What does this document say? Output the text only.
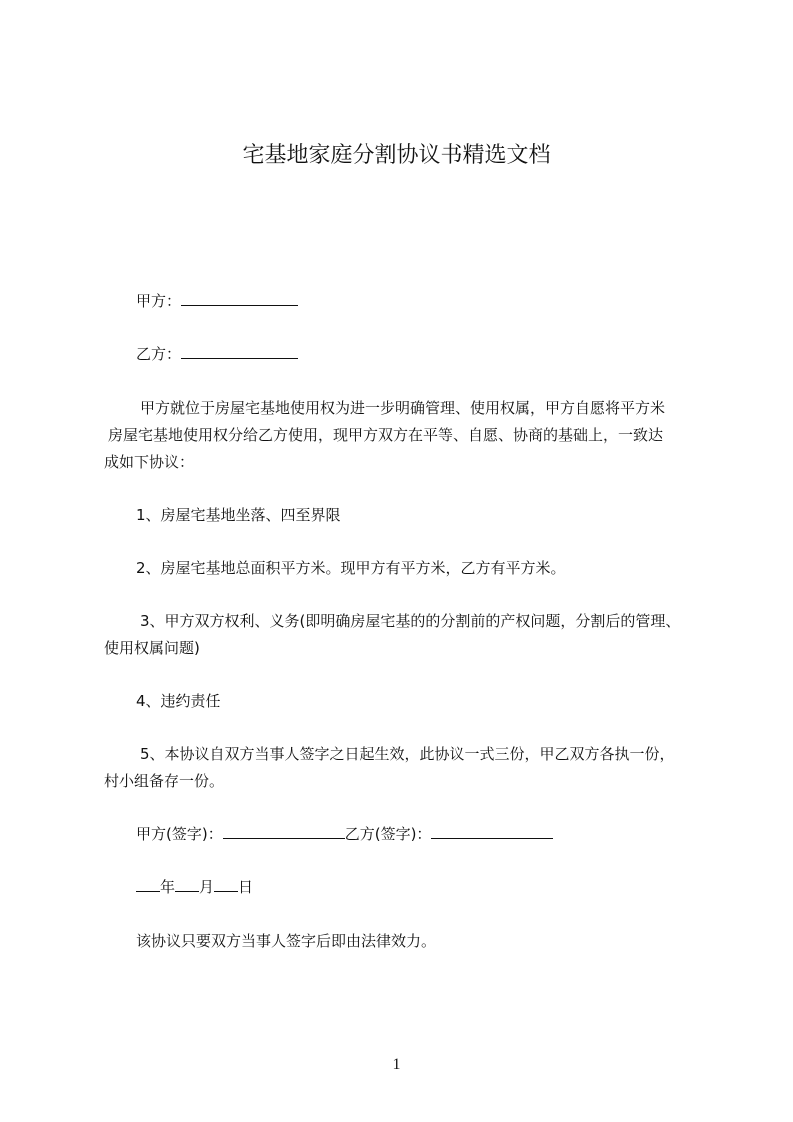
宅基地家庭分割协议书精选文档

甲方：

乙方：

甲方就位于房屋宅基地使用权为进一步明确管理、使用权属，甲方自愿将平方米

房屋宅基地使用权分给乙方使用，现甲方双方在平等、自愿、协商的基础上，一致达

成如下协议：

1、房屋宅基地坐落、四至界限

2、房屋宅基地总面积平方米。现甲方有平方米，乙方有平方米。

3、甲方双方权利、义务(即明确房屋宅基的的分割前的产权问题，分割后的管理、

使用权属问题)

4、违约责任

5、本协议自双方当事人签字之日起生效，此协议一式三份，甲乙双方各执一份，

村小组备存一份。

甲方(签字)：	乙方(签字)：

年 月 日

该协议只要双方当事人签字后即由法律效力。

1
